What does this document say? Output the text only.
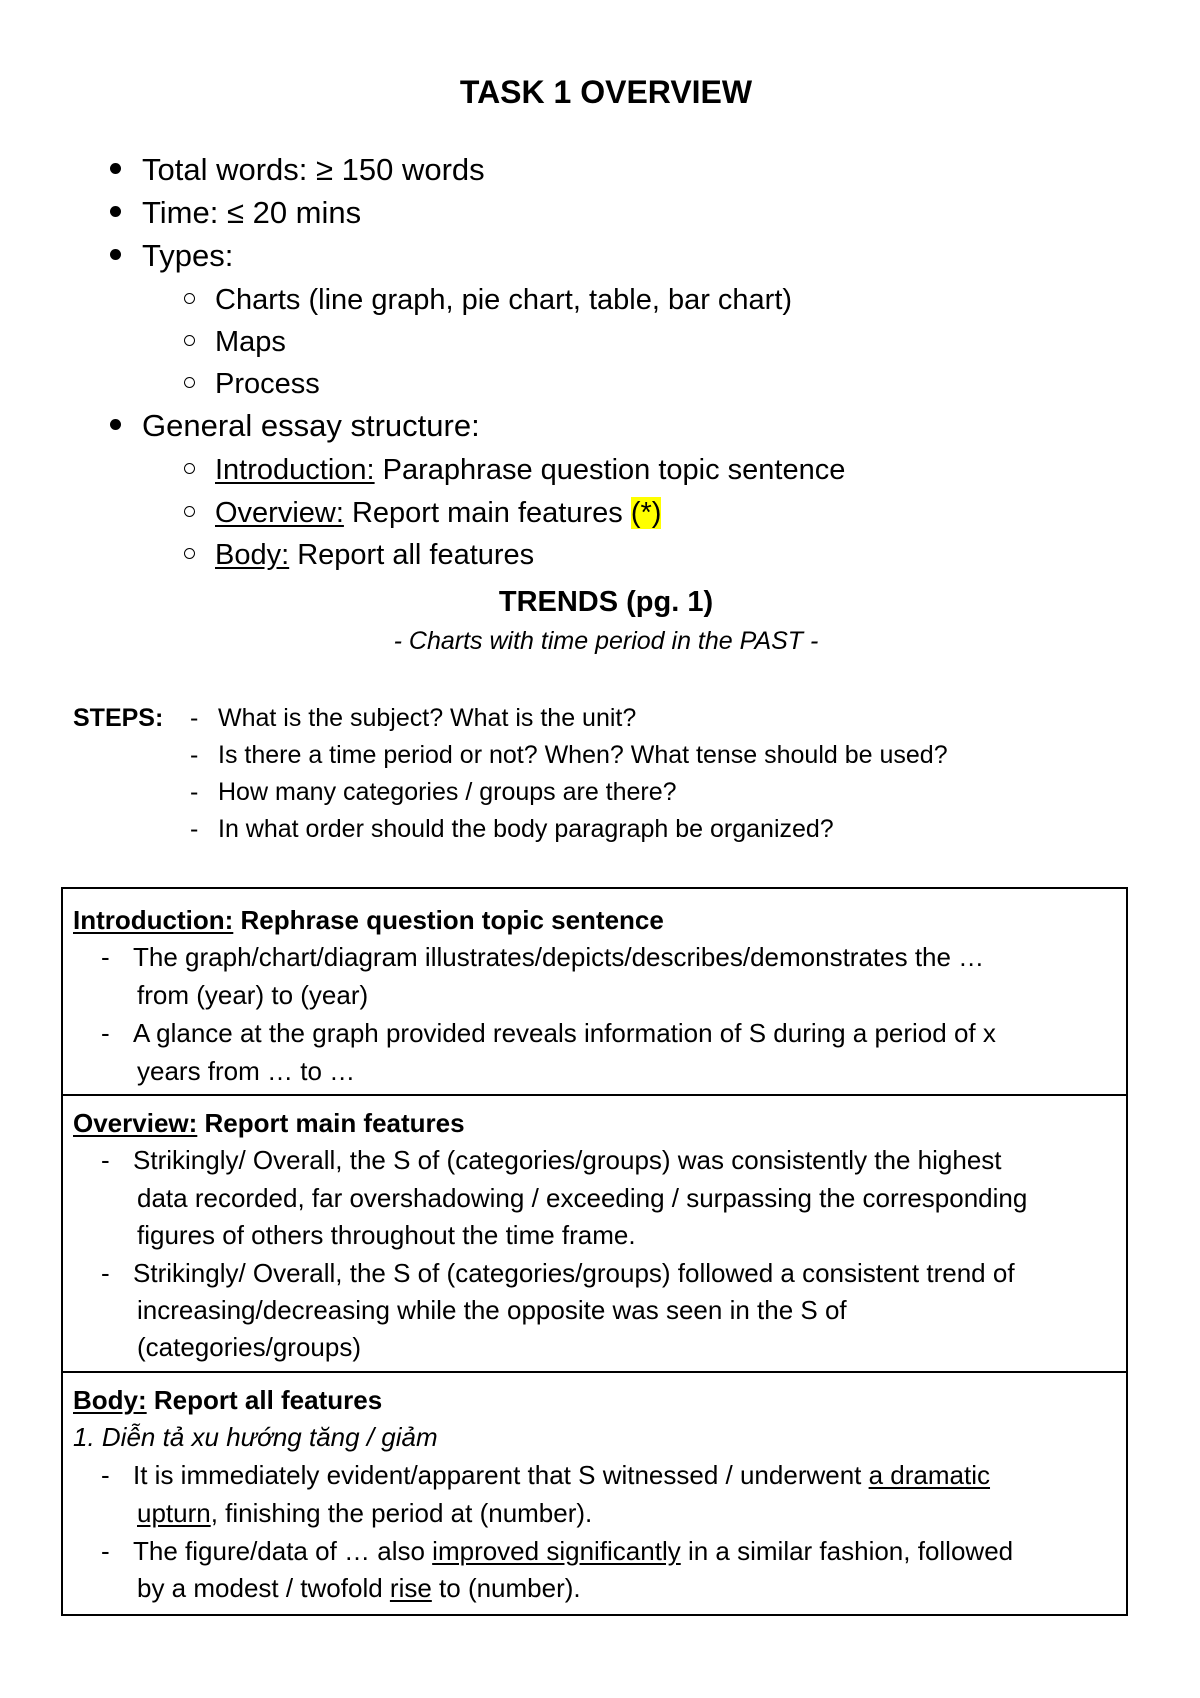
TASK 1 OVERVIEW
Total words: ≥ 150 words
Time: ≤ 20 mins
Types:
Charts (line graph, pie chart, table, bar chart)
Maps
Process
General essay structure:
Introduction: Paraphrase question topic sentence
Overview: Report main features (*)
Body: Report all features
TRENDS (pg. 1)
- Charts with time period in the PAST -
STEPS: - What is the subject? What is the unit?
- Is there a time period or not? When? What tense should be used?
- How many categories / groups are there?
- In what order should the body paragraph be organized?
Introduction: Rephrase question topic sentence
- The graph/chart/diagram illustrates/depicts/describes/demonstrates the …
from (year) to (year)
- A glance at the graph provided reveals information of S during a period of x
years from … to …
Overview: Report main features
- Strikingly/ Overall, the S of (categories/groups) was consistently the highest
data recorded, far overshadowing / exceeding / surpassing the corresponding
figures of others throughout the time frame.
- Strikingly/ Overall, the S of (categories/groups) followed a consistent trend of
increasing/decreasing while the opposite was seen in the S of
(categories/groups)
Body: Report all features
1. Diễn tả xu hướng tăng / giảm
- It is immediately evident/apparent that S witnessed / underwent a dramatic
upturn, finishing the period at (number).
- The figure/data of … also improved significantly in a similar fashion, followed
by a modest / twofold rise to (number).
